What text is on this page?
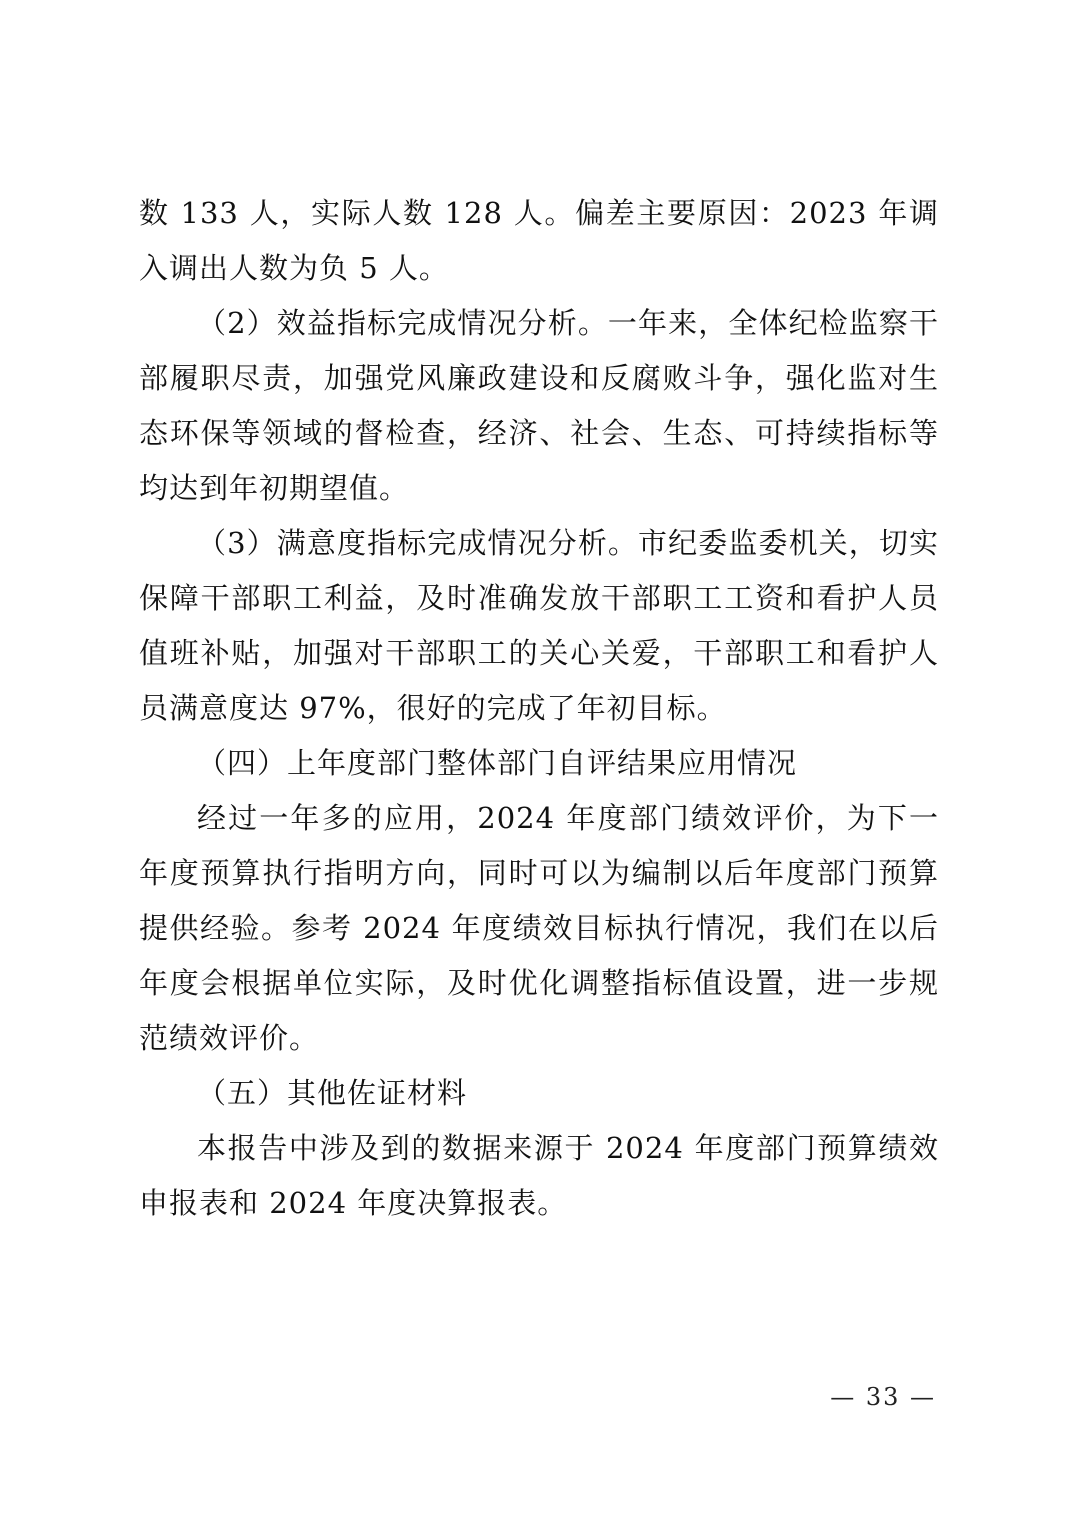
数 133 人，实际人数 128 人。偏差主要原因：2023 年调入调出人数为负 5 人。

（2）效益指标完成情况分析。一年来，全体纪检监察干部履职尽责，加强党风廉政建设和反腐败斗争，强化监对生态环保等领域的督检查，经济、社会、生态、可持续指标等均达到年初期望值。

（3）满意度指标完成情况分析。市纪委监委机关，切实保障干部职工利益，及时准确发放干部职工工资和看护人员值班补贴，加强对干部职工的关心关爱，干部职工和看护人员满意度达 97%，很好的完成了年初目标。

（四）上年度部门整体部门自评结果应用情况

经过一年多的应用，2024 年度部门绩效评价，为下一年度预算执行指明方向，同时可以为编制以后年度部门预算提供经验。参考 2024 年度绩效目标执行情况，我们在以后年度会根据单位实际，及时优化调整指标值设置，进一步规范绩效评价。

（五）其他佐证材料

本报告中涉及到的数据来源于 2024 年度部门预算绩效申报表和 2024 年度决算报表。

— 33 —
